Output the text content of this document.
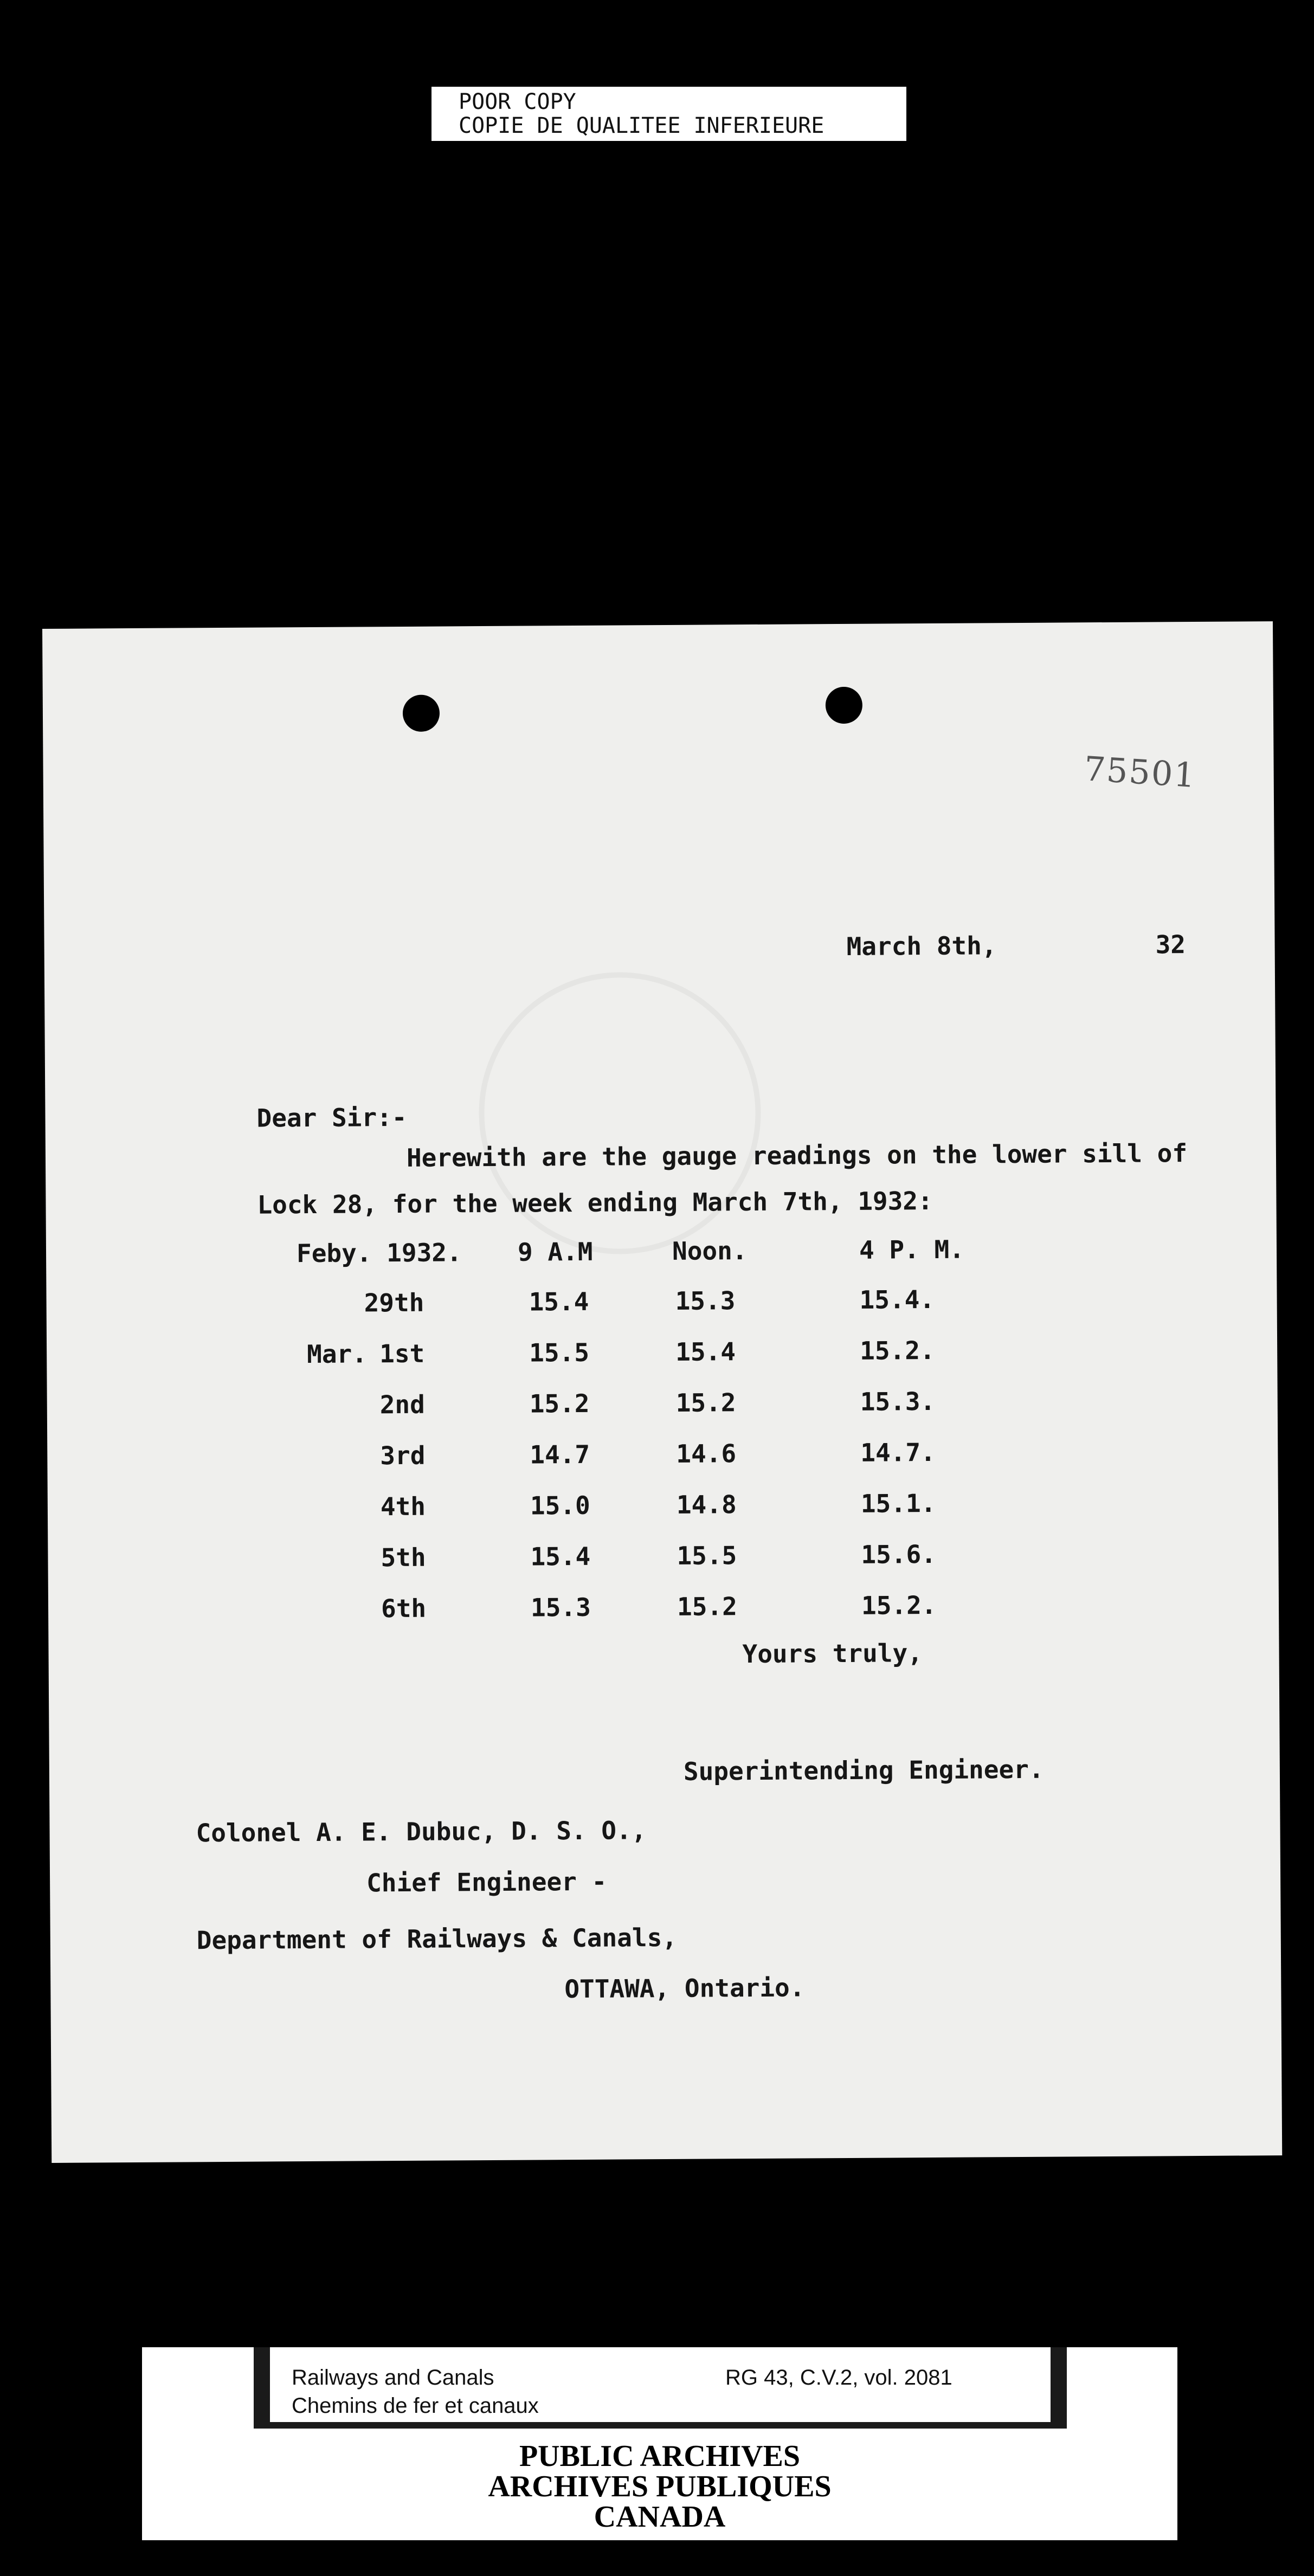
POOR COPY
COPIE DE QUALITEE INFERIEURE
75501
March 8th,	32
Dear Sir:-
Herewith are the gauge readings on the lower sill of
Lock 28, for the week ending March 7th, 1932:
Feby. 1932. 9 A.M	Noon.	4 P. M.
29th	15.4	15.3	15.4.
Mar. 1st	15.5	15.4	15.2.
2nd	15.2	15.2	15.3.
3rd	14.7	14.6	14.7.
4th	15.0	14.8	15.1.
5th	15.4	15.5	15.6.
6th	15.3	15.2	15.2.
Yours truly,
Superintending Engineer.
Colonel A. E. Dubuc, D. S. O.,
Chief Engineer -
Department of Railways & Canals,
OTTAWA, Ontario.
Railways and Canals
Chemins de fer et canaux
RG 43, C.V.2, vol. 2081
PUBLIC ARCHIVES
ARCHIVES PUBLIQUES
CANADA
